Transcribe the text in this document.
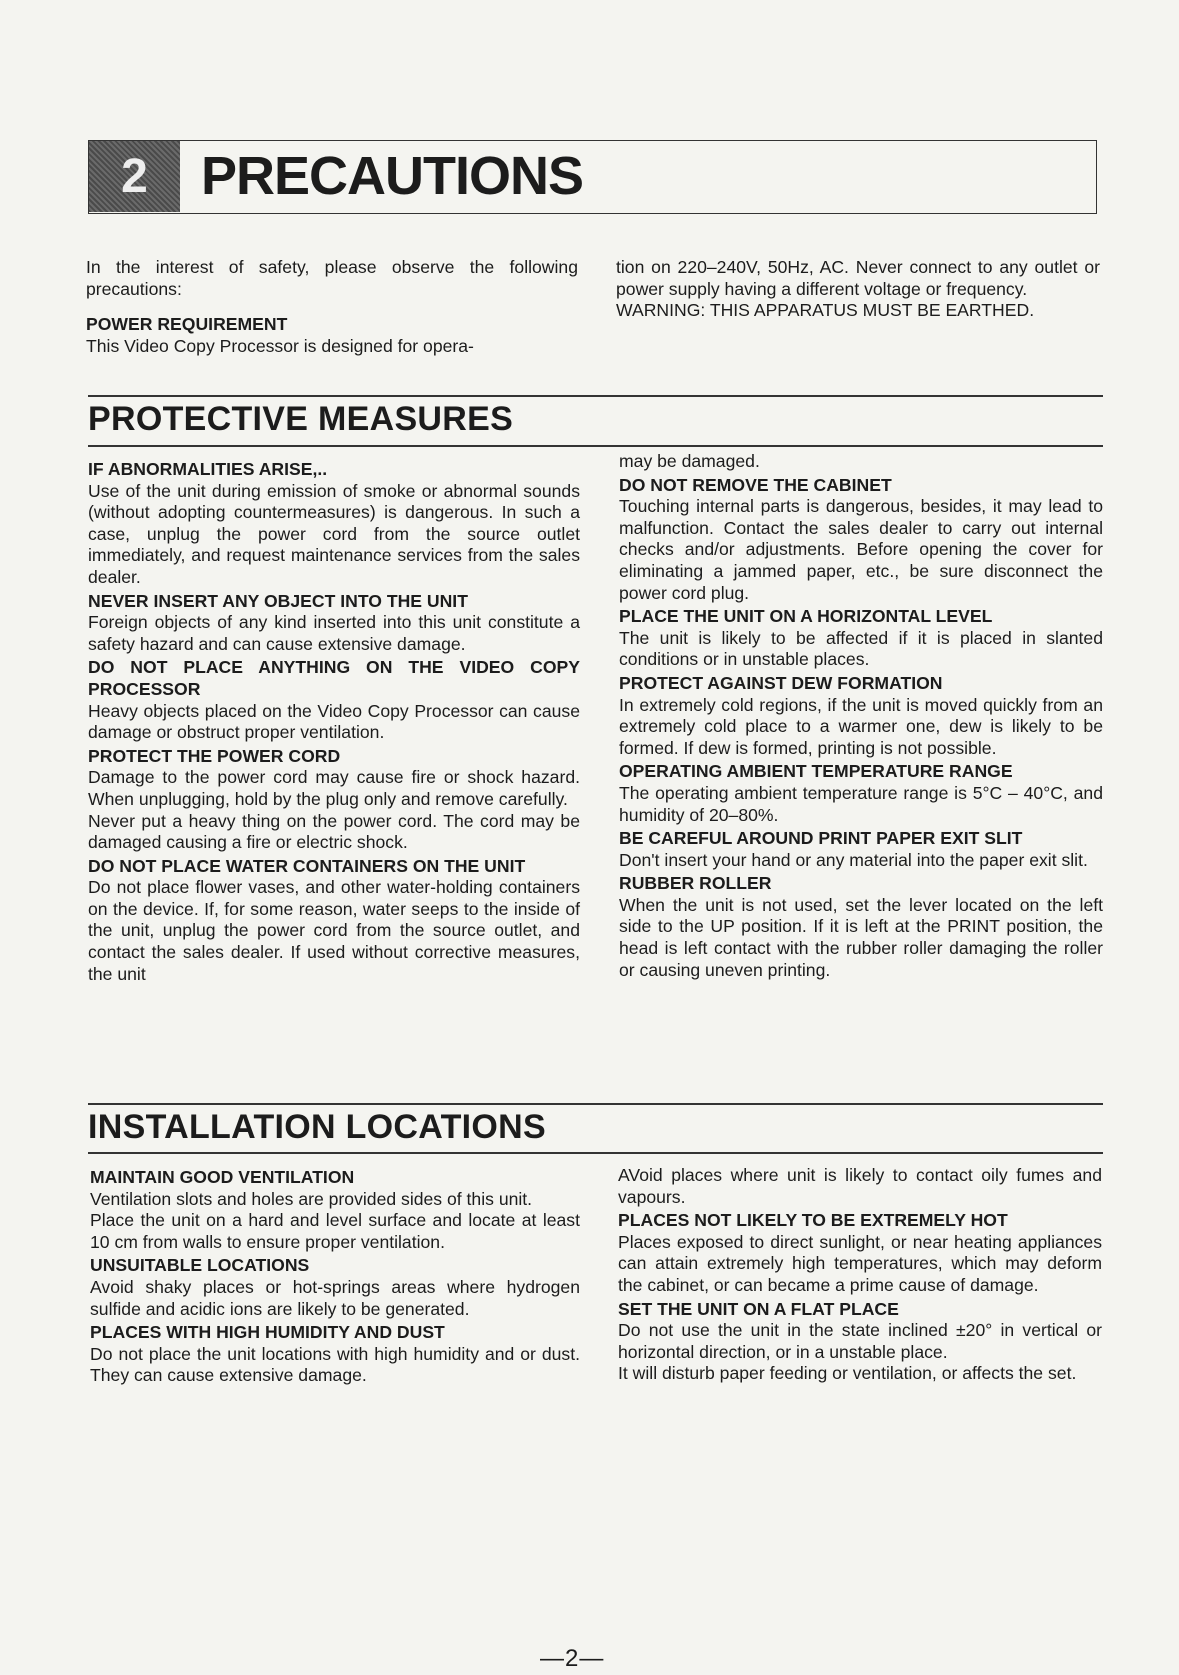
2 PRECAUTIONS

In the interest of safety, please observe the following precautions:

POWER REQUIREMENT

This Video Copy Processor is designed for opera-

tion on 220–240V, 50Hz, AC. Never connect to any outlet or power supply having a different voltage or frequency.

WARNING: THIS APPARATUS MUST BE EARTHED.

PROTECTIVE MEASURES

IF ABNORMALITIES ARISE,..

Use of the unit during emission of smoke or abnormal sounds (without adopting countermeasures) is dangerous. In such a case, unplug the power cord from the source outlet immediately, and request maintenance services from the sales dealer.

NEVER INSERT ANY OBJECT INTO THE UNIT

Foreign objects of any kind inserted into this unit constitute a safety hazard and can cause extensive damage.

DO NOT PLACE ANYTHING ON THE VIDEO COPY PROCESSOR

Heavy objects placed on the Video Copy Processor can cause damage or obstruct proper ventilation.

PROTECT THE POWER CORD

Damage to the power cord may cause fire or shock hazard. When unplugging, hold by the plug only and remove carefully.

Never put a heavy thing on the power cord. The cord may be damaged causing a fire or electric shock.

DO NOT PLACE WATER CONTAINERS ON THE UNIT

Do not place flower vases, and other water-holding containers on the device. If, for some reason, water seeps to the inside of the unit, unplug the power cord from the source outlet, and contact the sales dealer. If used without corrective measures, the unit

may be damaged.

DO NOT REMOVE THE CABINET

Touching internal parts is dangerous, besides, it may lead to malfunction. Contact the sales dealer to carry out internal checks and/or adjustments. Before opening the cover for eliminating a jammed paper, etc., be sure disconnect the power cord plug.

PLACE THE UNIT ON A HORIZONTAL LEVEL

The unit is likely to be affected if it is placed in slanted conditions or in unstable places.

PROTECT AGAINST DEW FORMATION

In extremely cold regions, if the unit is moved quickly from an extremely cold place to a warmer one, dew is likely to be formed. If dew is formed, printing is not possible.

OPERATING AMBIENT TEMPERATURE RANGE

The operating ambient temperature range is 5°C – 40°C, and humidity of 20–80%.

BE CAREFUL AROUND PRINT PAPER EXIT SLIT

Don't insert your hand or any material into the paper exit slit.

RUBBER ROLLER

When the unit is not used, set the lever located on the left side to the UP position. If it is left at the PRINT position, the head is left contact with the rubber roller damaging the roller or causing uneven printing.

INSTALLATION LOCATIONS

MAINTAIN GOOD VENTILATION

Ventilation slots and holes are provided sides of this unit.

Place the unit on a hard and level surface and locate at least 10 cm from walls to ensure proper ventilation.

UNSUITABLE LOCATIONS

Avoid shaky places or hot-springs areas where hydrogen sulfide and acidic ions are likely to be generated.

PLACES WITH HIGH HUMIDITY AND DUST

Do not place the unit locations with high humidity and or dust. They can cause extensive damage.

AVoid places where unit is likely to contact oily fumes and vapours.

PLACES NOT LIKELY TO BE EXTREMELY HOT

Places exposed to direct sunlight, or near heating appliances can attain extremely high temperatures, which may deform the cabinet, or can became a prime cause of damage.

SET THE UNIT ON A FLAT PLACE

Do not use the unit in the state inclined ±20° in vertical or horizontal direction, or in a unstable place.

It will disturb paper feeding or ventilation, or affects the set.

—2—
